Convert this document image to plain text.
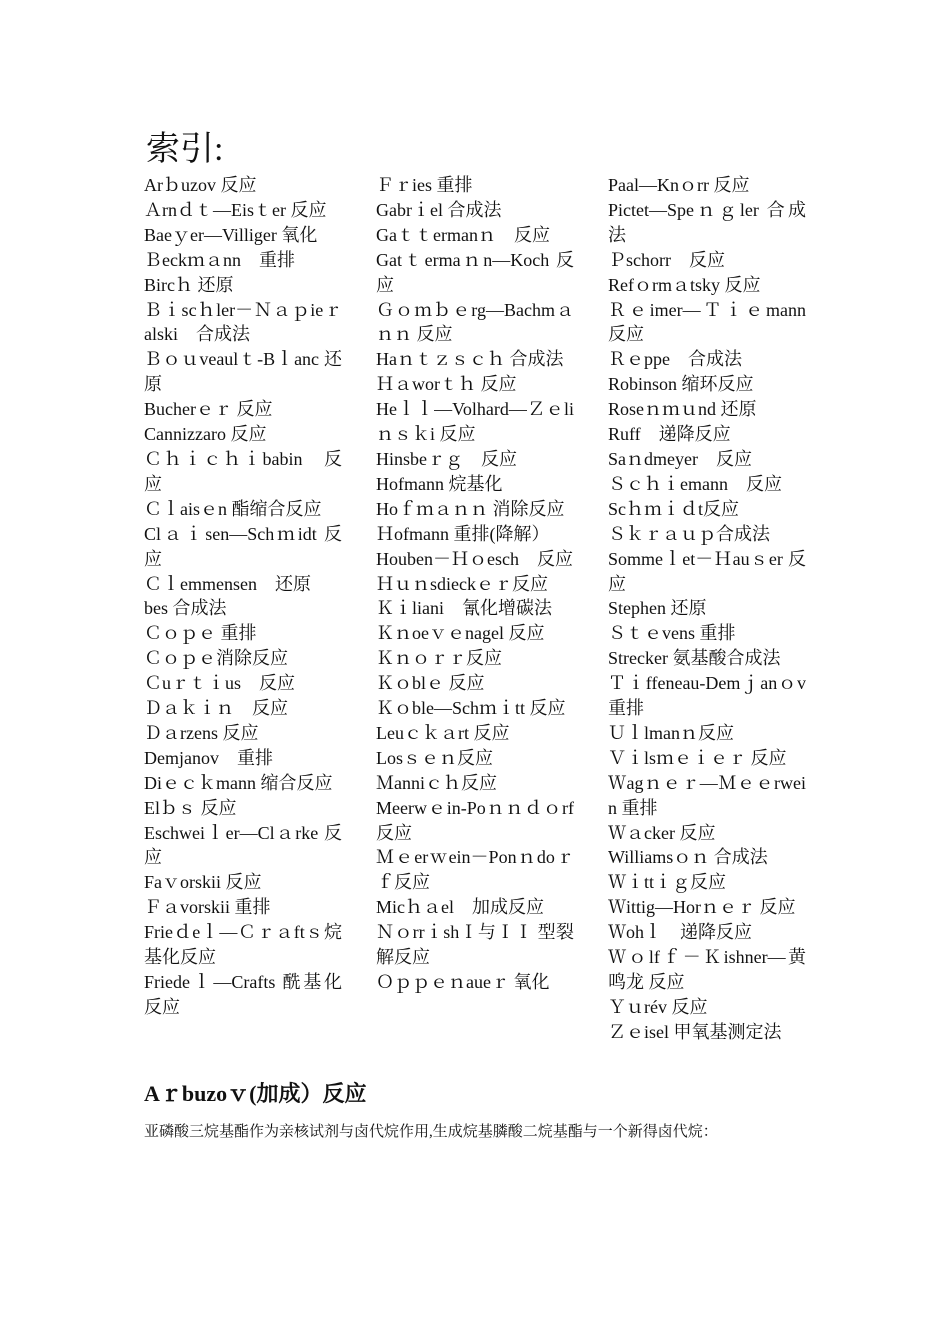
索引:
Arｂuzov 反应
Ａrnｄｔ—Eisｔer 反应
Baeｙer—Villiger 氧化
Ｂeckｍａnn　重排
Bircｈ 还原
Ｂｉscｈler－Ｎａｐieｒalski　合成法
Ｂｏｕveaulｔ-Bｌanc 还原
Bucherｅｒ 反应
Cannizzaro 反应
Ｃｈｉｃｈｉbabin　反应
Ｃｌaisｅn 酯缩合反应
Clａｉsen—Schｍidt 反应
Ｃｌemmensen　还原
bes 合成法
Ｃｏｐｅ 重排
Ｃｏｐｅ消除反应
Ｃuｒｔｉus　反应
Ｄａｋｉｎ　反应
Ｄａrzens 反应
Demjanov　重排
Diｅｃｋmann 缩合反应
Elｂｓ 反应
Eschweiｌer—Clａrke 反应
Faｖorskii 反应
Ｆａvorskii 重排
Frieｄeｌ—Ｃｒａftｓ烷基化反应
Friedeｌ—Crafts 酰基化反应
Ｆｒies 重排
Gabrｉel 合成法
Gaｔｔermanｎ　反应
Gatｔermaｎn—Koch 反应
Ｇｏｍｂｅrg—Bachmａｎｎ 反应
Haｎｔｚｓｃｈ 合成法
Ｈａworｔｈ 反应
Heｌｌ—Volhard—Ｚｅliｎｓｋi 反应
Hinsbeｒｇ　反应
Hofmann 烷基化
Hoｆｍａｎｎ 消除反应
Ｈofmann 重排(降解）
Houben－Ｈｏesch　反应
Ｈｕｎsdieckｅｒ反应
Ｋｉliani　氰化增碳法
Ｋｎoeｖｅnagel 反应
Ｋｎｏｒｒ反应
Ｋｏblｅ 反应
Ｋｏble—Schｍｉtt 反应
Leuｃｋａrt 反应
Losｓｅｎ反应
Ｍanniｃｈ反应
Meerwｅin-Poｎｎｄｏrf 反应
Ｍｅerｗein－Ponｎdoｒｆ反应
Micｈａel　加成反应
ＮｏrrｉshＩ与ＩＩ 型裂解反应
Ｏｐｐｅｎaueｒ 氧化
Paal—Knｏrr 反应
Pictet—Speｎｇler 合成法
Ｐschorr　反应
Refｏrmａtsky 反应
Ｒｅimer—Ｔｉｅmann 反应
Ｒｅppe　合成法
Robinson 缩环反应
Roseｎｍｕnd 还原
Ruff　递降反应
Saｎdmeyer　反应
Ｓｃｈｉemann　反应
Scｈｍｉｄt反应
Ｓｋｒａｕｐ合成法
Sommeｌet－Ｈauｓer 反应
Stephen 还原
Ｓｔｅvens 重排
Strecker 氨基酸合成法
Ｔｉffeneau-Demｊanｏv 重排
Ｕｌlmanｎ反应
Ｖｉlsｍｅｉｅｒ 反应
Ｗagｎｅｒ—Ｍｅｅrwein 重排
Ｗａcker 反应
Williamsｏｎ 合成法
Ｗｉttｉｇ反应
Ｗittig—Horｎｅｒ 反应
Ｗohｌ　递降反应
Ｗｏlfｆ－Ｋishner—黄鸣龙 反应
Ｙｕrév 反应
Ｚｅisel 甲氧基测定法
Aｒbuzoｖ(加成）反应

亚磷酸三烷基酯作为亲核试剂与卤代烷作用,生成烷基膦酸二烷基酯与一个新得卤代烷：
